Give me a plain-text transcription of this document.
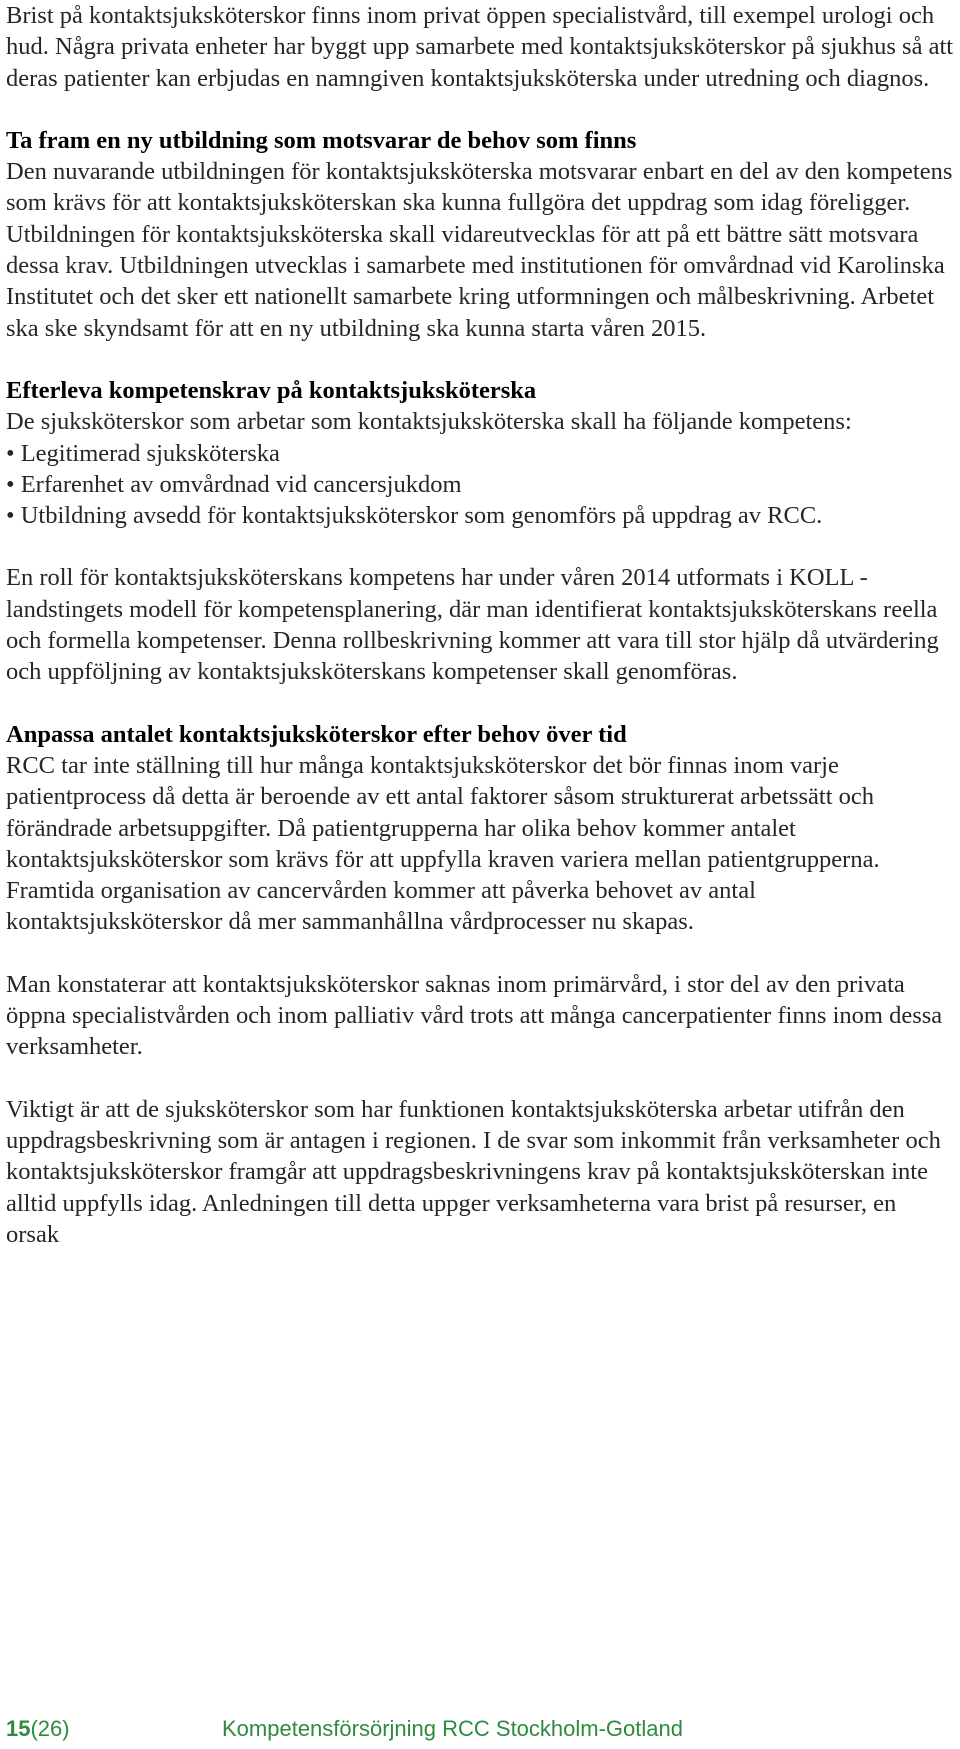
Brist på kontaktsjuksköterskor finns inom privat öppen specialistvård, till exempel urologi och hud. Några privata enheter har byggt upp samarbete med kontaktsjuksköterskor på sjukhus så att deras patienter kan erbjudas en namngiven kontaktsjuksköterska under utredning och diagnos.

Ta fram en ny utbildning som motsvarar de behov som finns

Den nuvarande utbildningen för kontaktsjuksköterska motsvarar enbart en del av den kompetens som krävs för att kontaktsjuksköterskan ska kunna fullgöra det uppdrag som idag föreligger. Utbildningen för kontaktsjuksköterska skall vidareutvecklas för att på ett bättre sätt motsvara dessa krav. Utbildningen utvecklas i samarbete med institutionen för omvårdnad vid Karolinska Institutet och det sker ett nationellt samarbete kring utformningen och målbeskrivning. Arbetet ska ske skyndsamt för att en ny utbildning ska kunna starta våren 2015.

Efterleva kompetenskrav på kontaktsjuksköterska

De sjuksköterskor som arbetar som kontaktsjuksköterska skall ha följande kompetens:

• Legitimerad sjuksköterska

• Erfarenhet av omvårdnad vid cancersjukdom

• Utbildning avsedd för kontaktsjuksköterskor som genomförs på uppdrag av RCC.

En roll för kontaktsjuksköterskans kompetens har under våren 2014 utformats i KOLL - landstingets modell för kompetensplanering, där man identifierat kontaktsjuksköterskans reella och formella kompetenser. Denna rollbeskrivning kommer att vara till stor hjälp då utvärdering och uppföljning av kontaktsjuksköterskans kompetenser skall genomföras.

Anpassa antalet kontaktsjuksköterskor efter behov över tid

RCC tar inte ställning till hur många kontaktsjuksköterskor det bör finnas inom varje patientprocess då detta är beroende av ett antal faktorer såsom strukturerat arbetssätt och förändrade arbetsuppgifter. Då patientgrupperna har olika behov kommer antalet kontaktsjuksköterskor som krävs för att uppfylla kraven variera mellan patientgrupperna. Framtida organisation av cancervården kommer att påverka behovet av antal kontaktsjuksköterskor då mer sammanhållna vårdprocesser nu skapas.

Man konstaterar att kontaktsjuksköterskor saknas inom primärvård, i stor del av den privata öppna specialistvården och inom palliativ vård trots att många cancerpatienter finns inom dessa verksamheter.

Viktigt är att de sjuksköterskor som har funktionen kontaktsjuksköterska arbetar utifrån den uppdragsbeskrivning som är antagen i regionen. I de svar som inkommit från verksamheter och kontaktsjuksköterskor framgår att uppdragsbeskrivningens krav på kontaktsjuksköterskan inte alltid uppfylls idag. Anledningen till detta uppger verksamheterna vara brist på resurser, en orsak

15(26)	Kompetensförsörjning RCC Stockholm-Gotland
